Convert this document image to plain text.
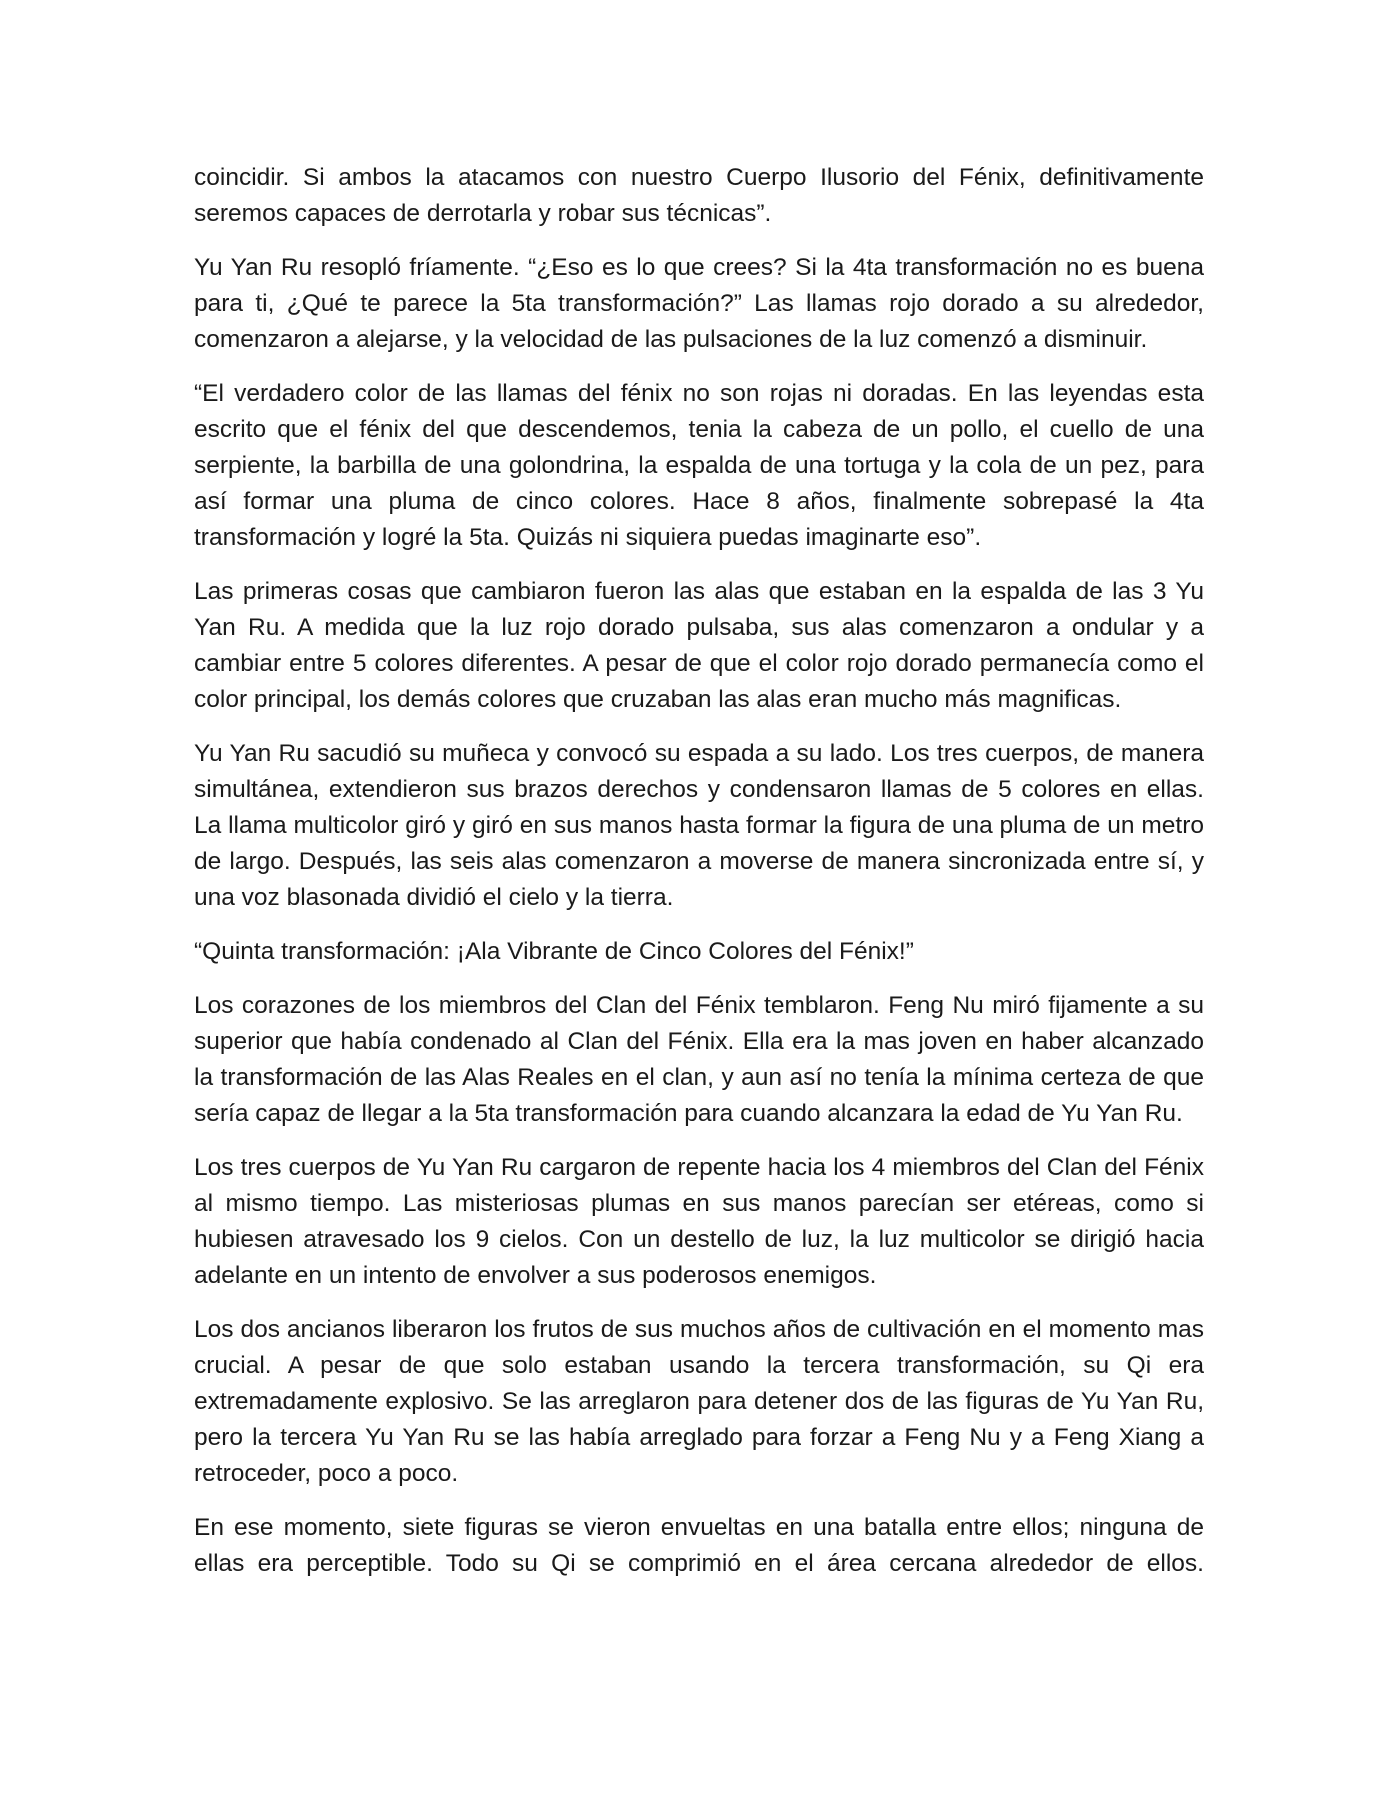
coincidir. Si ambos la atacamos con nuestro Cuerpo Ilusorio del Fénix, definitivamente seremos capaces de derrotarla y robar sus técnicas”.

Yu Yan Ru resopló fríamente. “¿Eso es lo que crees? Si la 4ta transformación no es buena para ti, ¿Qué te parece la 5ta transformación?” Las llamas rojo dorado a su alrededor, comenzaron a alejarse, y la velocidad de las pulsaciones de la luz comenzó a disminuir.

“El verdadero color de las llamas del fénix no son rojas ni doradas. En las leyendas esta escrito que el fénix del que descendemos, tenia la cabeza de un pollo, el cuello de una serpiente, la barbilla de una golondrina, la espalda de una tortuga y la cola de un pez, para así formar una pluma de cinco colores. Hace 8 años, finalmente sobrepasé la 4ta transformación y logré la 5ta. Quizás ni siquiera puedas imaginarte eso”.

Las primeras cosas que cambiaron fueron las alas que estaban en la espalda de las 3 Yu Yan Ru. A medida que la luz rojo dorado pulsaba, sus alas comenzaron a ondular y a cambiar entre 5 colores diferentes. A pesar de que el color rojo dorado permanecía como el color principal, los demás colores que cruzaban las alas eran mucho más magnificas.

Yu Yan Ru sacudió su muñeca y convocó su espada a su lado. Los tres cuerpos, de manera simultánea, extendieron sus brazos derechos y condensaron llamas de 5 colores en ellas. La llama multicolor giró y giró en sus manos hasta formar la figura de una pluma de un metro de largo. Después, las seis alas comenzaron a moverse de manera sincronizada entre sí, y una voz blasonada dividió el cielo y la tierra.

“Quinta transformación: ¡Ala Vibrante de Cinco Colores del Fénix!”

Los corazones de los miembros del Clan del Fénix temblaron. Feng Nu miró fijamente a su superior que había condenado al Clan del Fénix. Ella era la mas joven en haber alcanzado la transformación de las Alas Reales en el clan, y aun así no tenía la mínima certeza de que sería capaz de llegar a la 5ta transformación para cuando alcanzara la edad de Yu Yan Ru.

Los tres cuerpos de Yu Yan Ru cargaron de repente hacia los 4 miembros del Clan del Fénix al mismo tiempo. Las misteriosas plumas en sus manos parecían ser etéreas, como si hubiesen atravesado los 9 cielos. Con un destello de luz, la luz multicolor se dirigió hacia adelante en un intento de envolver a sus poderosos enemigos.

Los dos ancianos liberaron los frutos de sus muchos años de cultivación en el momento mas crucial. A pesar de que solo estaban usando la tercera transformación, su Qi era extremadamente explosivo. Se las arreglaron para detener dos de las figuras de Yu Yan Ru, pero la tercera Yu Yan Ru se las había arreglado para forzar a Feng Nu y a Feng Xiang a retroceder, poco a poco.

En ese momento, siete figuras se vieron envueltas en una batalla entre ellos; ninguna de ellas era perceptible. Todo su Qi se comprimió en el área cercana alrededor de ellos.
